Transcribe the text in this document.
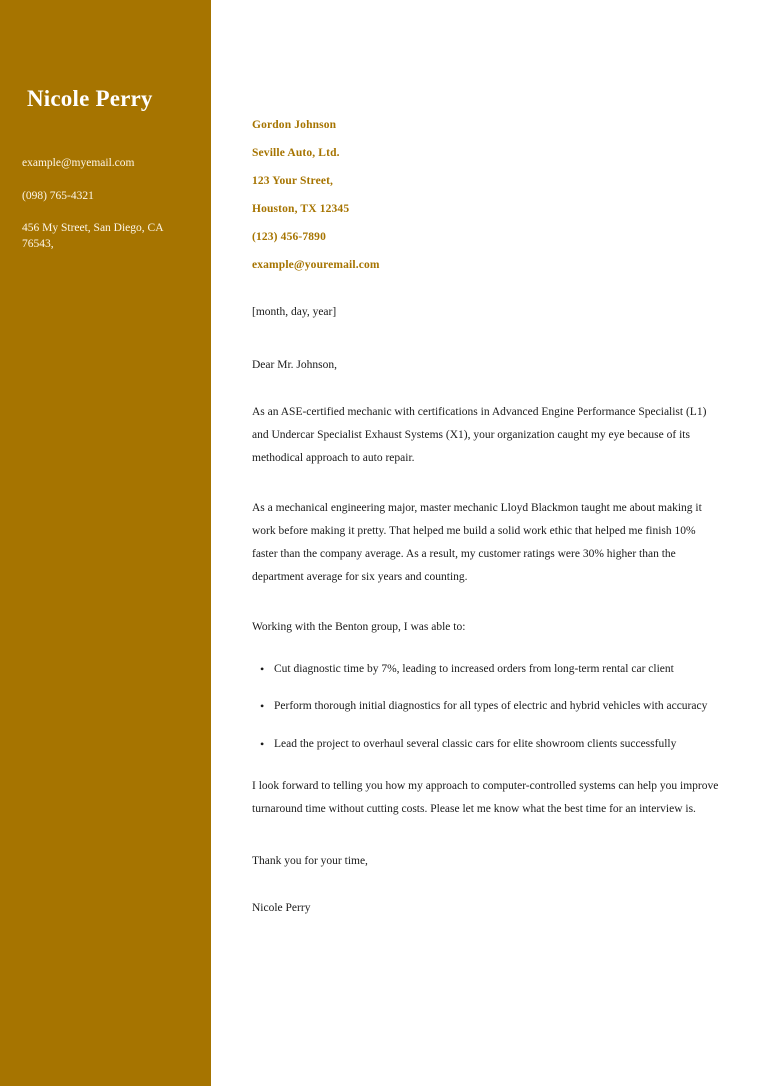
Nicole Perry
example@myemail.com
(098) 765-4321
456 My Street, San Diego, CA 76543,
Gordon Johnson
Seville Auto, Ltd.
123 Your Street,
Houston, TX 12345
(123) 456-7890
example@youremail.com
[month, day, year]
Dear Mr. Johnson,

As an ASE-certified mechanic with certifications in Advanced Engine Performance Specialist (L1) and Undercar Specialist Exhaust Systems (X1), your organization caught my eye because of its methodical approach to auto repair.

As a mechanical engineering major, master mechanic Lloyd Blackmon taught me about making it work before making it pretty. That helped me build a solid work ethic that helped me finish 10% faster than the company average. As a result, my customer ratings were 30% higher than the department average for six years and counting.

Working with the Benton group, I was able to:

• Cut diagnostic time by 7%, leading to increased orders from long-term rental car client
• Perform thorough initial diagnostics for all types of electric and hybrid vehicles with accuracy
• Lead the project to overhaul several classic cars for elite showroom clients successfully

I look forward to telling you how my approach to computer-controlled systems can help you improve turnaround time without cutting costs. Please let me know what the best time for an interview is.

Thank you for your time,
Nicole Perry
